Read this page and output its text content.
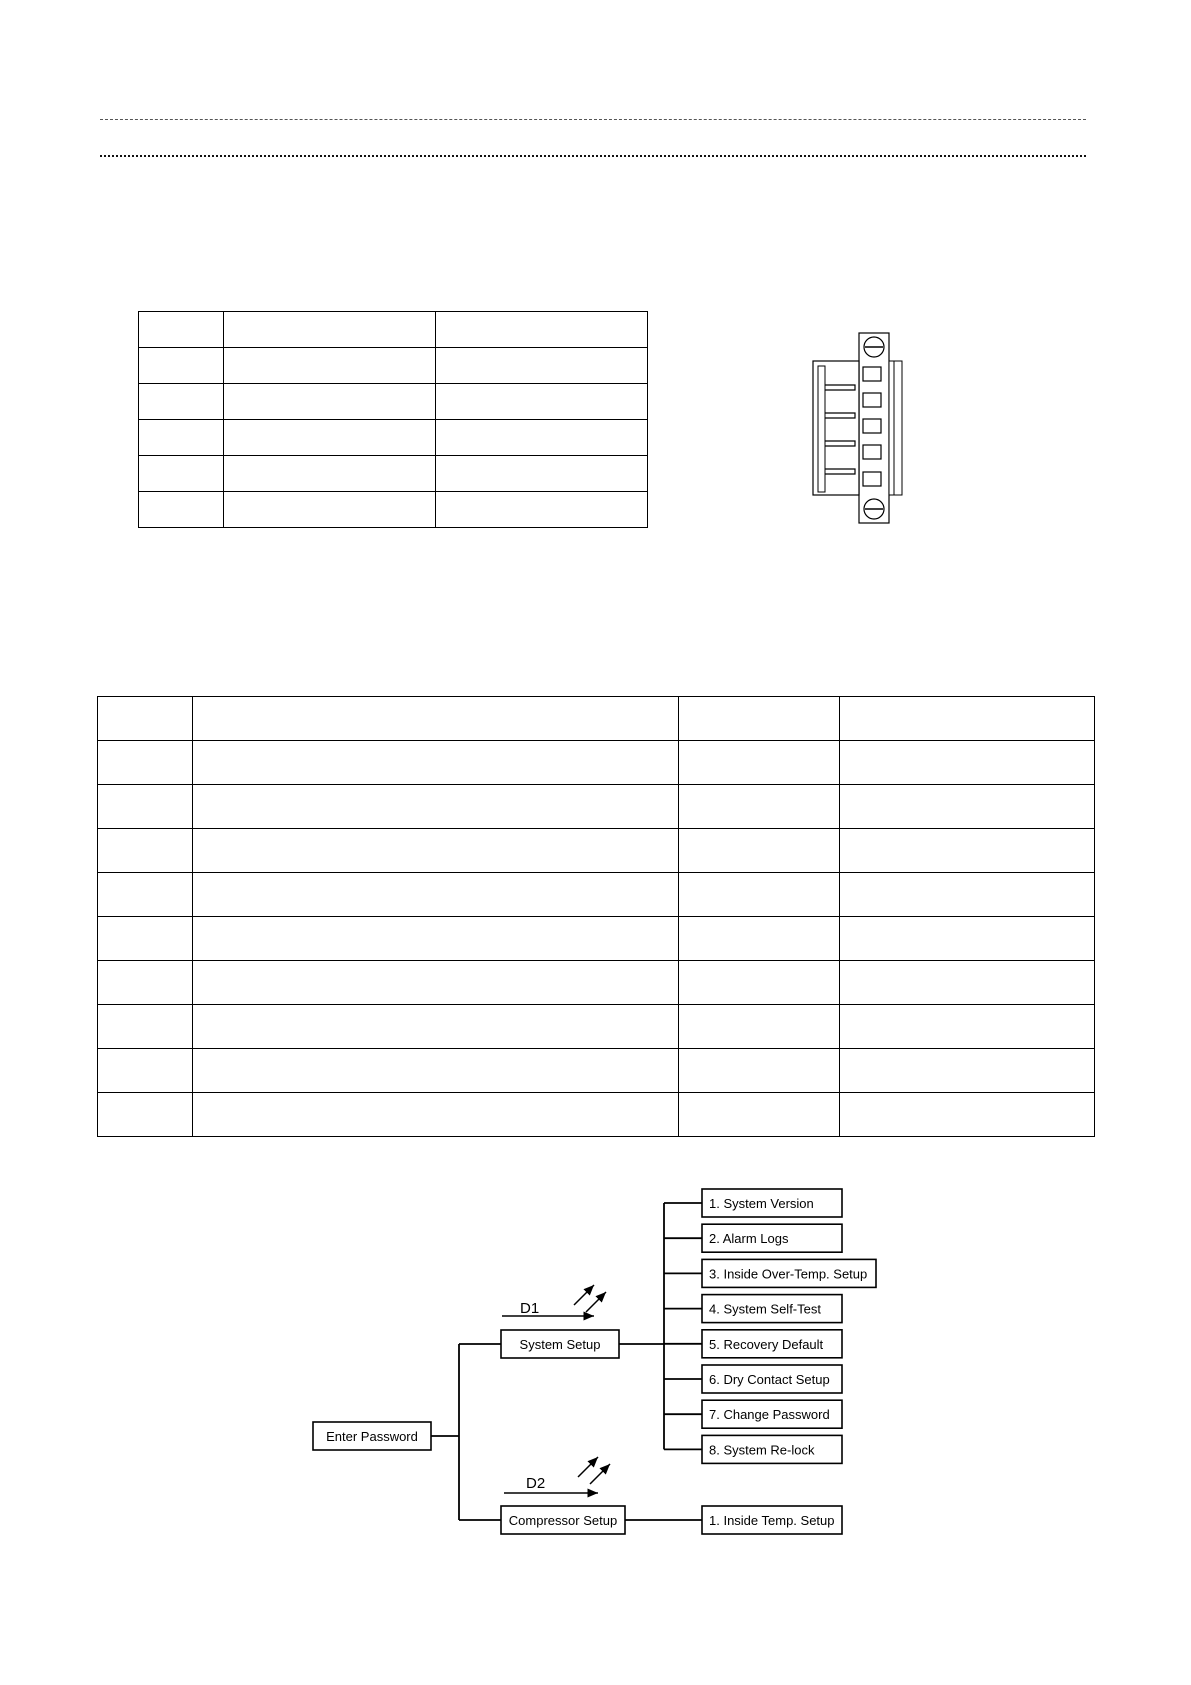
D1
D2
Enter Password
System Setup
Compressor Setup
1. System Version
2. Alarm Logs
3. Inside Over-Temp. Setup
4. System Self-Test
5. Recovery Default
6. Dry Contact Setup
7. Change Password
8. System Re-lock
1. Inside Temp. Setup
